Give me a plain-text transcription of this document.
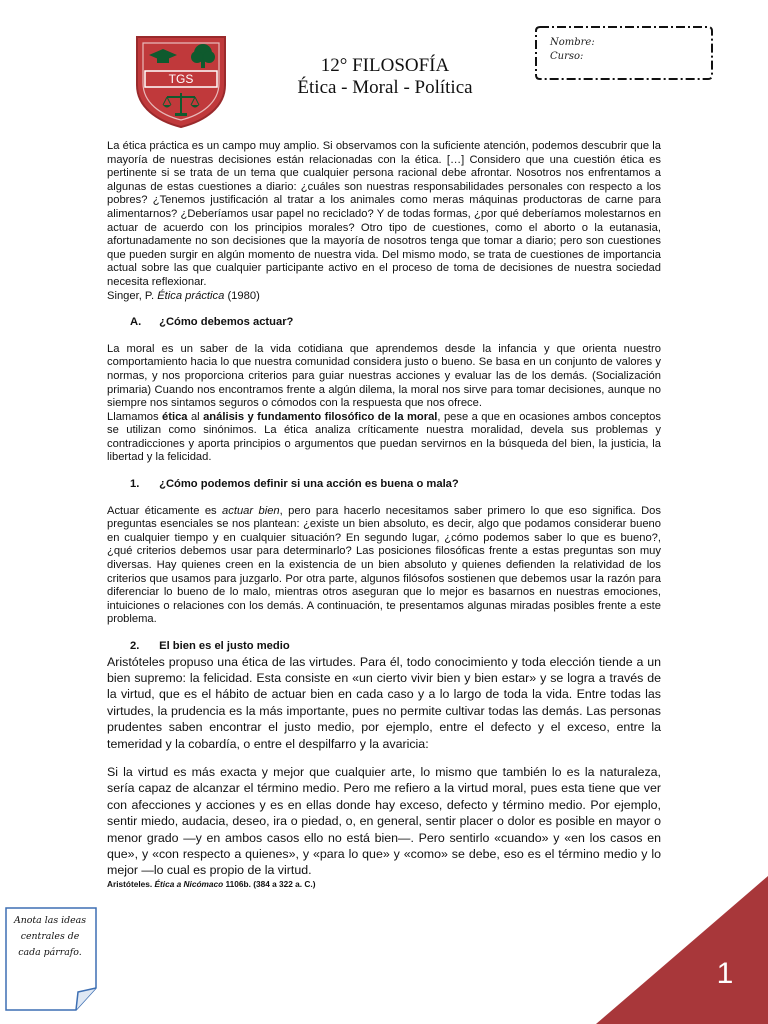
TGS
12° FILOSOFÍA
Ética - Moral - Política
Nombre:
Curso:

La ética práctica es un campo muy amplio. Si observamos con la suficiente atención, podemos descubrir que la mayoría de nuestras decisiones están relacionadas con la ética. […] Considero que una cuestión ética es pertinente si se trata de un tema que cualquier persona racional debe afrontar. Nosotros nos enfrentamos a algunas de estas cuestiones a diario: ¿cuáles son nuestras responsabilidades personales con respecto a los pobres? ¿Tenemos justificación al tratar a los animales como meras máquinas productoras de carne para alimentarnos? ¿Deberíamos usar papel no reciclado? Y de todas formas, ¿por qué deberíamos molestarnos en actuar de acuerdo con los principios morales? Otro tipo de cuestiones, como el aborto o la eutanasia, afortunadamente no son decisiones que la mayoría de nosotros tenga que tomar a diario; pero son cuestiones que pueden surgir en algún momento de nuestra vida. Del mismo modo, se trata de cuestiones de importancia actual sobre las que cualquier participante activo en el proceso de toma de decisiones de nuestra sociedad necesita reflexionar.

Singer, P. Ética práctica (1980)

A. ¿Cómo debemos actuar?

La moral es un saber de la vida cotidiana que aprendemos desde la infancia y que orienta nuestro comportamiento hacia lo que nuestra comunidad considera justo o bueno. Se basa en un conjunto de valores y normas, y nos proporciona criterios para guiar nuestras acciones y evaluar las de los demás. (Socialización primaria) Cuando nos encontramos frente a algún dilema, la moral nos sirve para tomar decisiones, aunque no siempre nos sintamos seguros o cómodos con la respuesta que nos ofrece.

Llamamos ética al análisis y fundamento filosófico de la moral, pese a que en ocasiones ambos conceptos se utilizan como sinónimos. La ética analiza críticamente nuestra moralidad, devela sus problemas y contradicciones y aporta principios o argumentos que puedan servirnos en la búsqueda del bien, la justicia, la libertad y la felicidad.

1. ¿Cómo podemos definir si una acción es buena o mala?

Actuar éticamente es actuar bien, pero para hacerlo necesitamos saber primero lo que eso significa. Dos preguntas esenciales se nos plantean: ¿existe un bien absoluto, es decir, algo que podamos considerar bueno en cualquier tiempo y en cualquier situación? En segundo lugar, ¿cómo podemos saber lo que es bueno?, ¿qué criterios debemos usar para determinarlo? Las posiciones filosóficas frente a estas preguntas son muy diversas. Hay quienes creen en la existencia de un bien absoluto y quienes defienden la relatividad de los criterios que usamos para juzgarlo. Por otra parte, algunos filósofos sostienen que debemos usar la razón para diferenciar lo bueno de lo malo, mientras otros aseguran que lo mejor es basarnos en nuestras emociones, intuiciones o relaciones con los demás. A continuación, te presentamos algunas miradas posibles frente a este problema.

2. El bien es el justo medio

Aristóteles propuso una ética de las virtudes. Para él, todo conocimiento y toda elección tiende a un bien supremo: la felicidad. Esta consiste en «un cierto vivir bien y bien estar» y se logra a través de la virtud, que es el hábito de actuar bien en cada caso y a lo largo de toda la vida. Entre todas las virtudes, la prudencia es la más importante, pues no permite cultivar todas las demás. Las personas prudentes saben encontrar el justo medio, por ejemplo, entre el defecto y el exceso, entre la temeridad y la cobardía, o entre el despilfarro y la avaricia:

Si la virtud es más exacta y mejor que cualquier arte, lo mismo que también lo es la naturaleza, sería capaz de alcanzar el término medio. Pero me refiero a la virtud moral, pues esta tiene que ver con afecciones y acciones y es en ellas donde hay exceso, defecto y término medio. Por ejemplo, sentir miedo, audacia, deseo, ira o piedad, o, en general, sentir placer o dolor es posible en mayor o menor grado —y en ambos casos ello no está bien—. Pero sentirlo «cuando» y «en los casos en que», y «con respecto a quienes», y «para lo que» y «como» se debe, eso es el término medio y lo mejor —lo cual es propio de la virtud.

Aristóteles. Ética a Nicómaco 1106b. (384 a 322 a. C.)

Anota las ideas centrales de cada párrafo.
1
